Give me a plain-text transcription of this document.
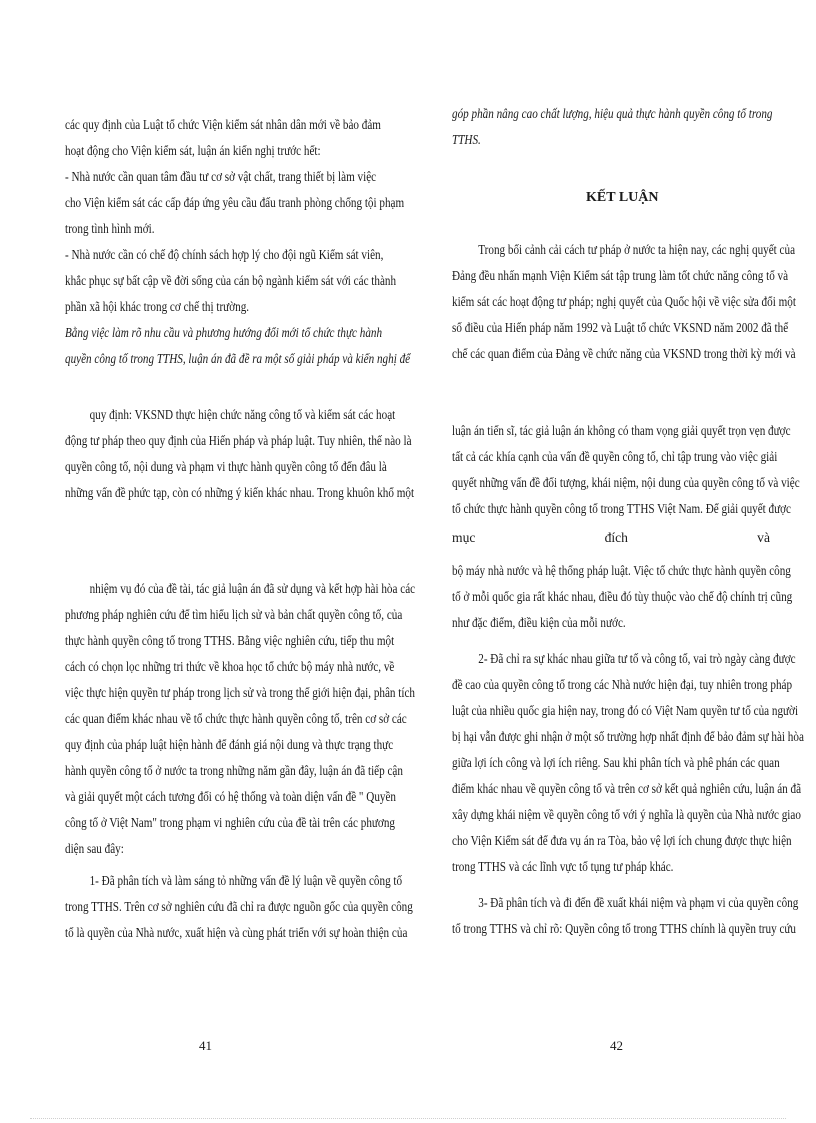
các quy định của Luật tổ chức Viện kiểm sát nhân dân mới về bảo đảm

hoạt động cho Viện kiểm sát, luận án kiến nghị trước hết:

- Nhà nước cần quan tâm đầu tư cơ sở vật chất, trang thiết bị làm việc

cho Viện kiểm sát các cấp đáp ứng yêu cầu đấu tranh phòng chống tội phạm

trong tình hình mới.

- Nhà nước cần có chế độ chính sách hợp lý cho đội ngũ Kiểm sát viên,

khắc phục sự bất cập về đời sống của cán bộ ngành kiểm sát với các thành

phần xã hội khác trong cơ chế thị trường.

Bằng việc làm rõ nhu cầu và phương hướng đổi mới tổ chức thực hành

quyền công tố trong TTHS, luận án đã đề ra một số giải pháp và kiến nghị để

quy định: VKSND thực hiện chức năng công tố và kiểm sát các hoạt

động tư pháp theo quy định của Hiến pháp và pháp luật. Tuy nhiên, thế nào là

quyền công tố, nội dung và phạm vi thực hành quyền công tố đến đâu là

những vấn đề phức tạp, còn có những ý kiến khác nhau. Trong khuôn khổ một

nhiệm vụ đó của đề tài, tác giả luận án đã sử dụng và kết hợp hài hòa các

phương pháp nghiên cứu để tìm hiểu lịch sử và bản chất quyền công tố, của

thực hành quyền công tố trong TTHS. Bằng việc nghiên cứu, tiếp thu một

cách có chọn lọc những tri thức về khoa học tổ chức bộ máy nhà nước, về

việc thực hiện quyền tư pháp trong lịch sử và trong thế giới hiện đại, phân tích

các quan điểm khác nhau về tổ chức thực hành quyền công tố, trên cơ sở các

quy định của pháp luật hiện hành để đánh giá nội dung và thực trạng thực

hành quyền công tố ở nước ta trong những năm gần đây, luận án đã tiếp cận

và giải quyết một cách tương đối có hệ thống và toàn diện vấn đề " Quyền

công tố ở Việt Nam" trong phạm vi nghiên cứu của đề tài trên các phương

diện sau đây:

1- Đã phân tích và làm sáng tỏ những vấn đề lý luận về quyền công tố

trong TTHS. Trên cơ sở nghiên cứu đã chỉ ra được nguồn gốc của quyền công

tố là quyền của Nhà nước, xuất hiện và cùng phát triển với sự hoàn thiện của

41

góp phần nâng cao chất lượng, hiệu quả thực hành quyền công tố trong

TTHS.

KẾT LUẬN

Trong bối cảnh cải cách tư pháp ở nước ta hiện nay, các nghị quyết của

Đảng đều nhấn mạnh Viện Kiểm sát tập trung làm tốt chức năng công tố và

kiểm sát các hoạt động tư pháp; nghị quyết của Quốc hội về việc sửa đổi một

số điều của Hiến pháp năm 1992 và Luật tổ chức VKSND năm 2002 đã thể

chế các quan điểm của Đảng về chức năng của VKSND trong thời kỳ mới và

luận án tiến sĩ, tác giả luận án không có tham vọng giải quyết trọn vẹn được

tất cả các khía cạnh của vấn đề quyền công tố, chỉ tập trung vào việc giải

quyết những vấn đề đối tượng, khái niệm, nội dung của quyền công tố và việc

tổ chức thực hành quyền công tố trong TTHS Việt Nam. Để giải quyết được

mục	đích	và

bộ máy nhà nước và hệ thống pháp luật. Việc tổ chức thực hành quyền công

tố ở mỗi quốc gia rất khác nhau, điều đó tùy thuộc vào chế độ chính trị cũng

như đặc điểm, điều kiện của mỗi nước.

2- Đã chỉ ra sự khác nhau giữa tư tố và công tố, vai trò ngày càng được

đề cao của quyền công tố trong các Nhà nước hiện đại, tuy nhiên trong pháp

luật của nhiều quốc gia hiện nay, trong đó có Việt Nam quyền tư tố của người

bị hại vẫn được ghi nhận ở một số trường hợp nhất định để bảo đảm sự hài hòa

giữa lợi ích công và lợi ích riêng. Sau khi phân tích và phê phán các quan

điểm khác nhau về quyền công tố và trên cơ sở kết quả nghiên cứu, luận án đã

xây dựng khái niệm về quyền công tố với ý nghĩa là quyền của Nhà nước giao

cho Viện Kiểm sát để đưa vụ án ra Tòa, bảo vệ lợi ích chung được thực hiện

trong TTHS và các lĩnh vực tố tụng tư pháp khác.

3- Đã phân tích và đi đến đề xuất khái niệm và phạm vi của quyền công

tố trong TTHS và chỉ rõ: Quyền công tố trong TTHS chính là quyền truy cứu

42
